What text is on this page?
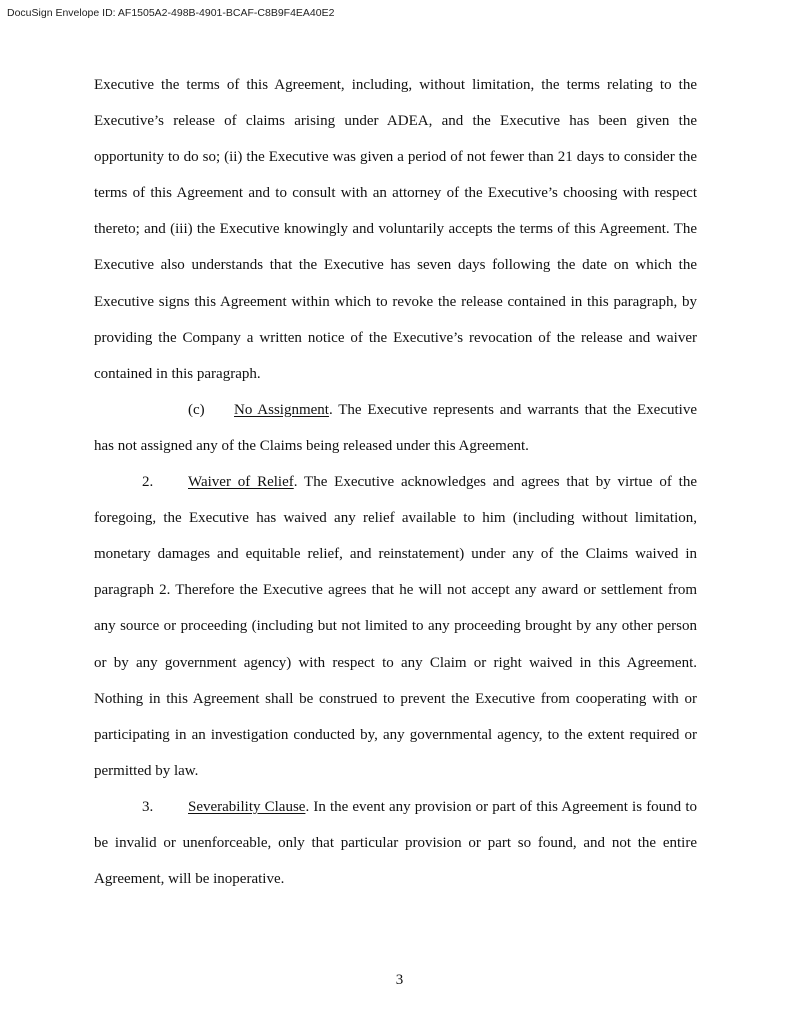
DocuSign Envelope ID: AF1505A2-498B-4901-BCAF-C8B9F4EA40E2

Executive the terms of this Agreement, including, without limitation, the terms relating to the Executive’s release of claims arising under ADEA, and the Executive has been given the opportunity to do so; (ii) the Executive was given a period of not fewer than 21 days to consider the terms of this Agreement and to consult with an attorney of the Executive’s choosing with respect thereto; and (iii) the Executive knowingly and voluntarily accepts the terms of this Agreement. The Executive also understands that the Executive has seven days following the date on which the Executive signs this Agreement within which to revoke the release contained in this paragraph, by providing the Company a written notice of the Executive’s revocation of the release and waiver contained in this paragraph.

(c) No Assignment. The Executive represents and warrants that the Executive has not assigned any of the Claims being released under this Agreement.

2. Waiver of Relief. The Executive acknowledges and agrees that by virtue of the foregoing, the Executive has waived any relief available to him (including without limitation, monetary damages and equitable relief, and reinstatement) under any of the Claims waived in paragraph 2. Therefore the Executive agrees that he will not accept any award or settlement from any source or proceeding (including but not limited to any proceeding brought by any other person or by any government agency) with respect to any Claim or right waived in this Agreement. Nothing in this Agreement shall be construed to prevent the Executive from cooperating with or participating in an investigation conducted by, any governmental agency, to the extent required or permitted by law.

3. Severability Clause. In the event any provision or part of this Agreement is found to be invalid or unenforceable, only that particular provision or part so found, and not the entire Agreement, will be inoperative.

3
